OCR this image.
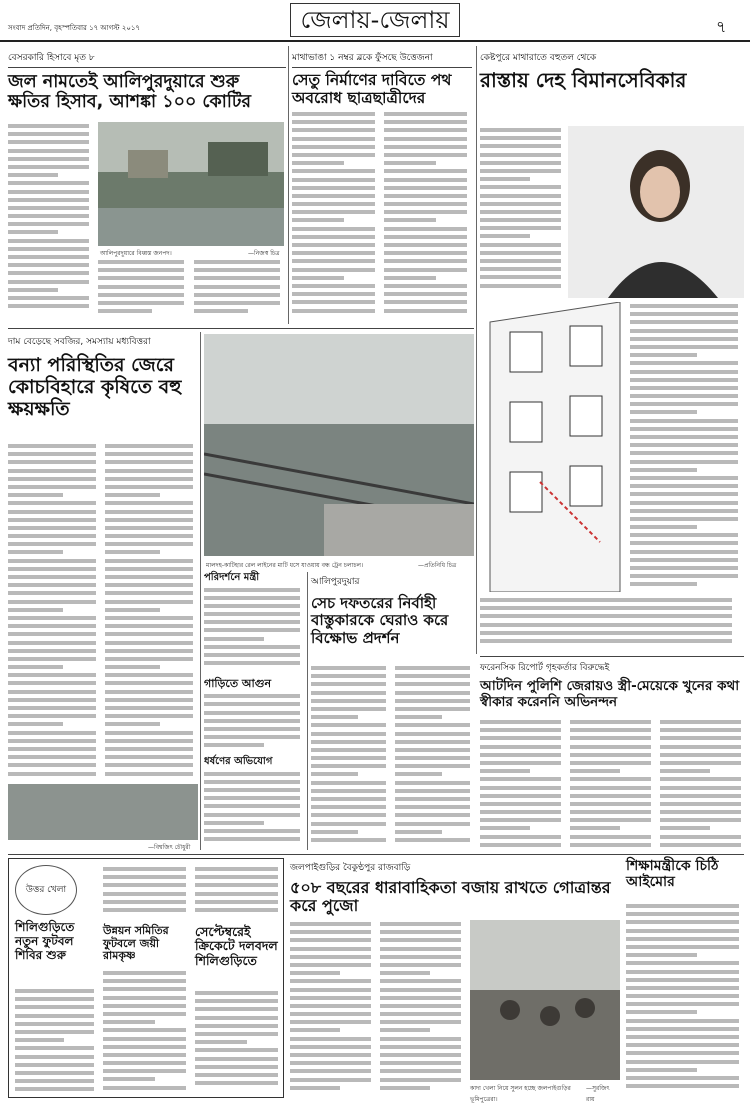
সংবাদ প্রতিদিন, বৃহস্পতিবার ১৭ আগস্ট ২০১৭	জেলায়-জেলায়	৭
বেসরকারি হিসাবে মৃত ৮
জল নামতেই আলিপুরদুয়ারে শুরু ক্ষতির হিসাব, আশঙ্কা ১০০ কোটির
আলিপুরদুয়ারে বিধ্বস্ত জনপদ।	—নিজস্ব চিত্র
মাথাভাঙা ১ নম্বর ব্লকে ফুঁসছে উত্তেজনা
সেতু নির্মাণের দাবিতে পথ অবরোধ ছাত্রছাত্রীদের
কেষ্টপুরে মাথারাতে বহুতল থেকে
রাস্তায় দেহ বিমানসেবিকার
দাম বেড়েছে সবজির, সমস্যায় মধ্যবিত্তরা
বন্যা পরিস্থিতির জেরে কোচবিহারে কৃষিতে বহু ক্ষয়ক্ষতি
—বিশ্বজিৎ চৌধুরী
মালদহ-কাটিহার রেল লাইনের মাটি ধসে যাওয়ায় বন্ধ ট্রেন চলাচল।	—প্রতিনিধি চিত্র
পরিদর্শনে মন্ত্রী
গাড়িতে আগুন
ধর্ষণের অভিযোগ
আলিপুরদুয়ার
সেচ দফতরের নির্বাহী বাস্তুকারকে ঘেরাও করে বিক্ষোভ প্রদর্শন
ফরেনসিক রিপোর্ট গৃহকর্তার বিরুদ্ধেই
আটদিন পুলিশি জেরায়ও স্ত্রী-মেয়েকে খুনের কথা স্বীকার করেননি অভিনন্দন
উত্তর খেলা
শিলিগুড়িতে নতুন ফুটবল শিবির শুরু
উন্নয়ন সমিতির ফুটবলে জয়ী রামকৃষ্ণ
সেপ্টেম্বরেই ক্রিকেটে দলবদল শিলিগুড়িতে
জলপাইগুড়ির বৈকুণ্ঠপুর রাজবাড়ি
৫০৮ বছরের ধারাবাহিকতা বজায় রাখতে গোত্রান্তর করে পুজো
কাদা খেলা নিয়ে সুলন হচ্ছে জলপাইগুড়ির ভূমিপুত্রেরা।
—সুরজিৎ রায়
শিক্ষামন্ত্রীকে চিঠি আইমোর
